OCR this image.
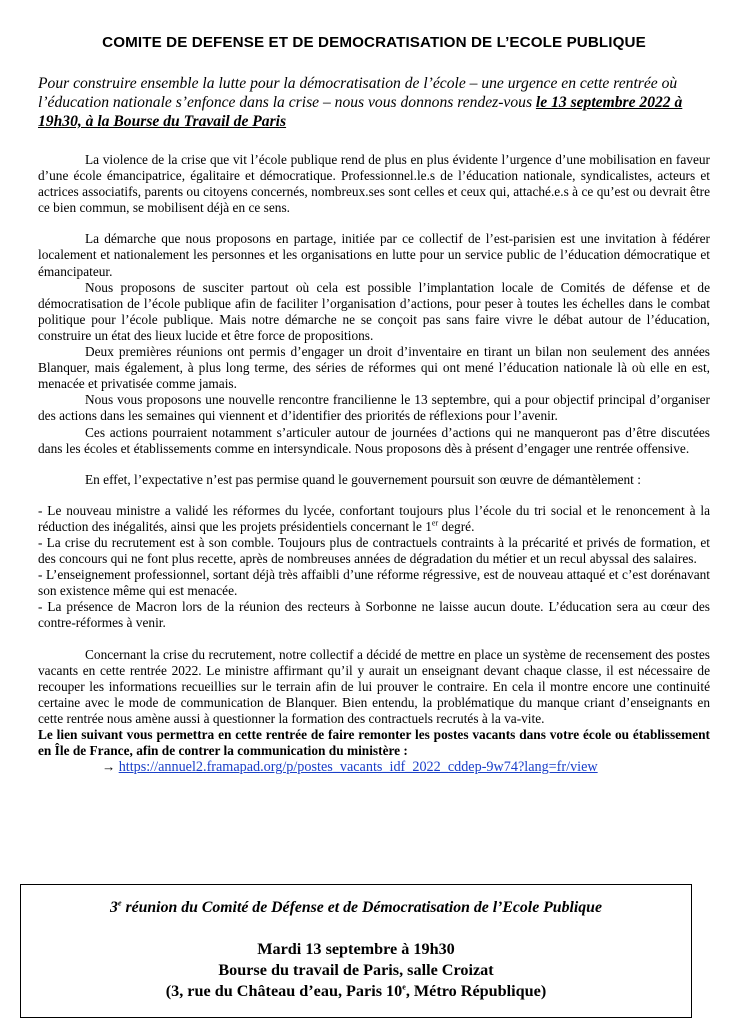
COMITE DE DEFENSE ET DE DEMOCRATISATION DE L’ECOLE PUBLIQUE
Pour construire ensemble la lutte pour la démocratisation de l’école – une urgence en cette rentrée où l’éducation nationale s’enfonce dans la crise – nous vous donnons rendez-vous le 13 septembre 2022 à 19h30, à la Bourse du Travail de Paris

La violence de la crise que vit l’école publique rend de plus en plus évidente l’urgence d’une mobilisation en faveur d’une école émancipatrice, égalitaire et démocratique. Professionnel.le.s de l’éducation nationale, syndicalistes, acteurs et actrices associatifs, parents ou citoyens concernés, nombreux.ses sont celles et ceux qui, attaché.e.s à ce qu’est ou devrait être ce bien commun, se mobilisent déjà en ce sens.

La démarche que nous proposons en partage, initiée par ce collectif de l’est-parisien est une invitation à fédérer localement et nationalement les personnes et les organisations en lutte pour un service public de l’éducation démocratique et émancipateur.

Nous proposons de susciter partout où cela est possible l’implantation locale de Comités de défense et de démocratisation de l’école publique afin de faciliter l’organisation d’actions, pour peser à toutes les échelles dans le combat politique pour l’école publique. Mais notre démarche ne se conçoit pas sans faire vivre le débat autour de l’éducation, construire un état des lieux lucide et être force de propositions.

Deux premières réunions ont permis d’engager un droit d’inventaire en tirant un bilan non seulement des années Blanquer, mais également, à plus long terme, des séries de réformes qui ont mené l’éducation nationale là où elle en est, menacée et privatisée comme jamais.

Nous vous proposons une nouvelle rencontre francilienne le 13 septembre, qui a pour objectif principal d’organiser des actions dans les semaines qui viennent et d’identifier des priorités de réflexions pour l’avenir.

Ces actions pourraient notamment s’articuler autour de journées d’actions qui ne manqueront pas d’être discutées dans les écoles et établissements comme en intersyndicale. Nous proposons dès à présent d’engager une rentrée offensive.

En effet, l’expectative n’est pas permise quand le gouvernement poursuit son œuvre de démantèlement :

- Le nouveau ministre a validé les réformes du lycée, confortant toujours plus l’école du tri social et le renoncement à la réduction des inégalités, ainsi que les projets présidentiels concernant le 1er degré.

- La crise du recrutement est à son comble. Toujours plus de contractuels contraints à la précarité et privés de formation, et des concours qui ne font plus recette, après de nombreuses années de dégradation du métier et un recul abyssal des salaires.

- L’enseignement professionnel, sortant déjà très affaibli d’une réforme régressive, est de nouveau attaqué et c’est dorénavant son existence même qui est menacée.

- La présence de Macron lors de la réunion des recteurs à Sorbonne ne laisse aucun doute. L’éducation sera au cœur des contre-réformes à venir.

Concernant la crise du recrutement, notre collectif a décidé de mettre en place un système de recensement des postes vacants en cette rentrée 2022. Le ministre affirmant qu’il y aurait un enseignant devant chaque classe, il est nécessaire de recouper les informations recueillies sur le terrain afin de lui prouver le contraire. En cela il montre encore une continuité certaine avec le mode de communication de Blanquer. Bien entendu, la problématique du manque criant d’enseignants en cette rentrée nous amène aussi à questionner la formation des contractuels recrutés à la va-vite.

Le lien suivant vous permettra en cette rentrée de faire remonter les postes vacants dans votre école ou établissement en Île de France, afin de contrer la communication du ministère :

→ https://annuel2.framapad.org/p/postes_vacants_idf_2022_cddep-9w74?lang=fr/view

3e réunion du Comité de Défense et de Démocratisation de l’Ecole Publique
Mardi 13 septembre à 19h30
Bourse du travail de Paris, salle Croizat
(3, rue du Château d’eau, Paris 10e, Métro République)
